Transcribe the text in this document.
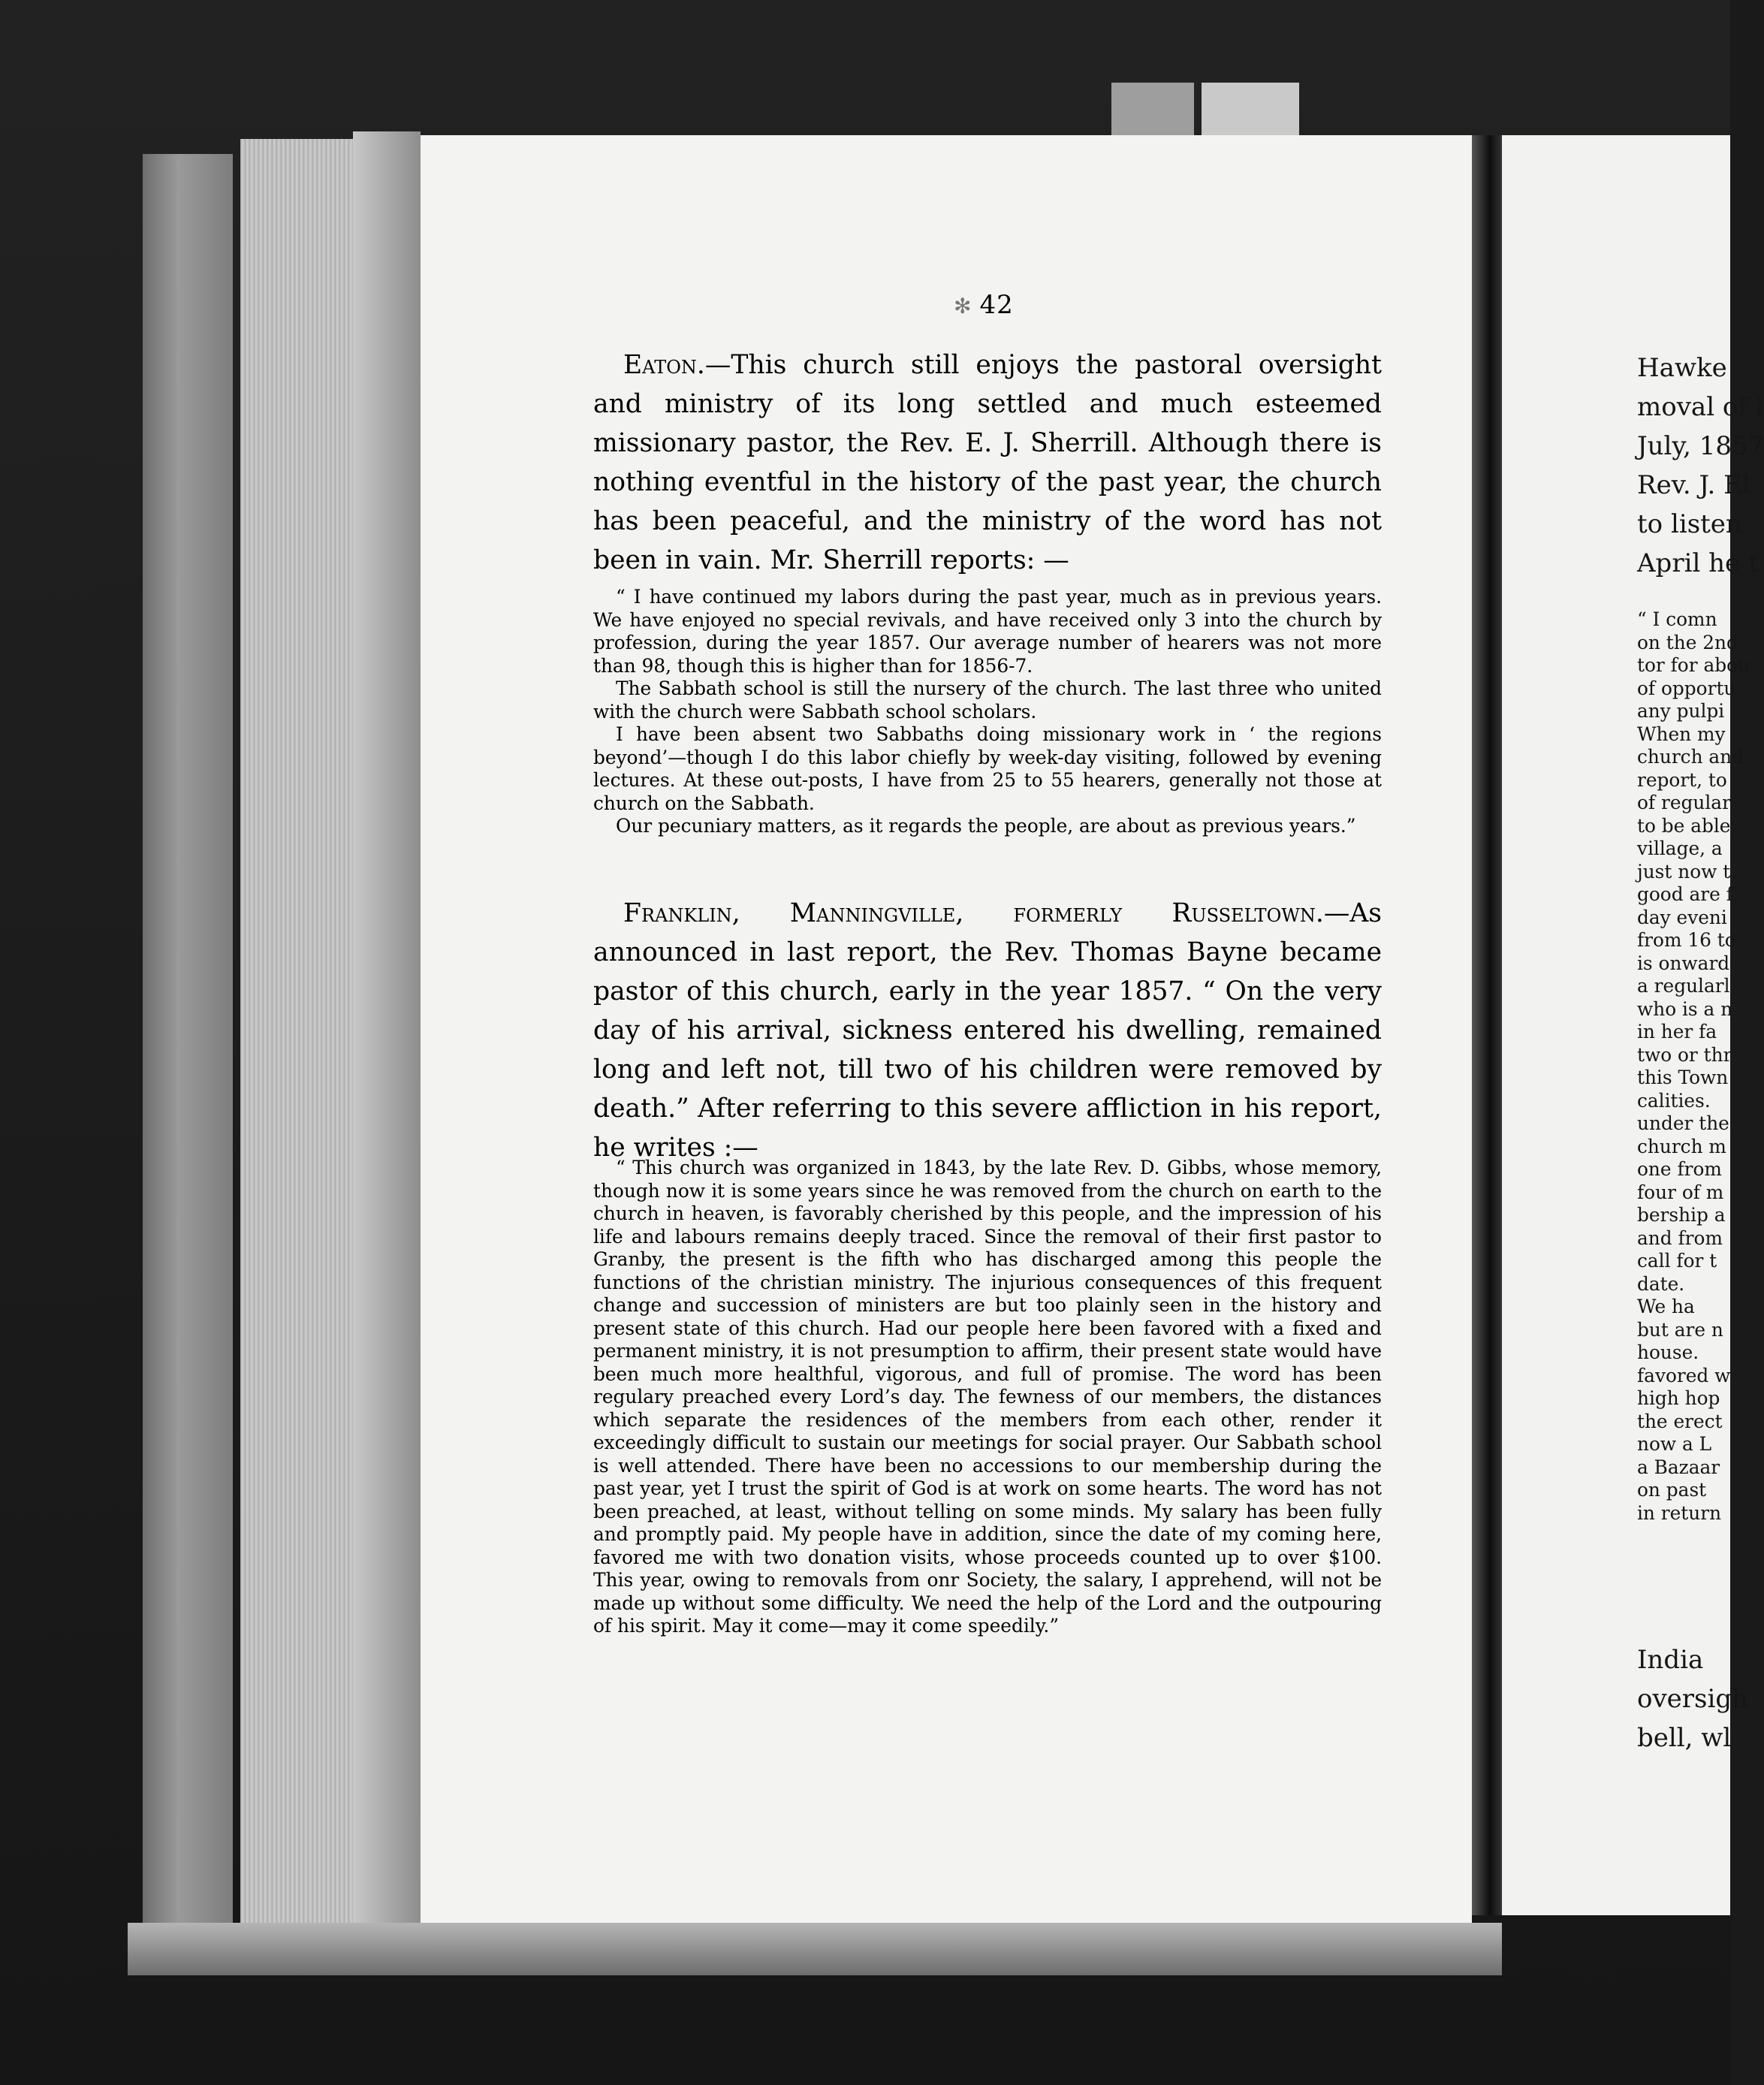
✻ 42

Eaton.—This church still enjoys the pastoral oversight and ministry of its long settled and much esteemed missionary pastor, the Rev. E. J. Sherrill. Although there is nothing eventful in the history of the past year, the church has been peaceful, and the ministry of the word has not been in vain. Mr. Sherrill reports: —

“ I have continued my labors during the past year, much as in previous years. We have enjoyed no special revivals, and have received only 3 into the church by profession, during the year 1857. Our average number of hearers was not more than 98, though this is higher than for 1856-7.

The Sabbath school is still the nursery of the church. The last three who united with the church were Sabbath school scholars.

I have been absent two Sabbaths doing missionary work in ‘ the regions beyond’—though I do this labor chiefly by week-day visiting, followed by evening lectures. At these out-posts, I have from 25 to 55 hearers, generally not those at church on the Sabbath.

Our pecuniary matters, as it regards the people, are about as previous years.”

Franklin, Manningville, formerly Russeltown.—As announced in last report, the Rev. Thomas Bayne became pastor of this church, early in the year 1857. “ On the very day of his arrival, sickness entered his dwelling, remained long and left not, till two of his children were removed by death.” After referring to this severe affliction in his report, he writes :—

“ This church was organized in 1843, by the late Rev. D. Gibbs, whose memory, though now it is some years since he was removed from the church on earth to the church in heaven, is favorably cherished by this people, and the impression of his life and labours remains deeply traced. Since the removal of their first pastor to Granby, the present is the fifth who has discharged among this people the functions of the christian ministry. The injurious consequences of this frequent change and succession of ministers are but too plainly seen in the history and present state of this church. Had our people here been favored with a fixed and permanent ministry, it is not presumption to affirm, their present state would have been much more healthful, vigorous, and full of promise. The word has been regulary preached every Lord’s day. The fewness of our members, the distances which separate the residences of the members from each other, render it exceedingly difficult to sustain our meetings for social prayer. Our Sabbath school is well attended. There have been no accessions to our membership during the past year, yet I trust the spirit of God is at work on some hearts. The word has not been preached, at least, without telling on some minds. My salary has been fully and promptly paid. My people have in addition, since the date of my coming here, favored me with two donation visits, whose proceeds counted up to over $100. This year, owing to removals from onr Society, the salary, I apprehend, will not be made up without some difficulty. We need the help of the Lord and the outpouring of his spirit. May it come—may it come speedily.”

Hawke
moval of i
July, 1857
Rev. J. El
to listen
April he t
“ I comn
on the 2nd
tor for abou
of opportu
any pulpi
When my
church and
report, to
of regular
to be able
village, a
just now t
good are f
day eveni
from 16 to
is onward
a regularl
who is a n
in her fa
two or thr
this Town
calities.
under the
church m
one from
four of m
bership a
and from
call for t
date.
We ha
but are n
house.
favored w
high hop
the erect
now a L
a Bazaar
on past
in return
India
oversigh
bell, wl
